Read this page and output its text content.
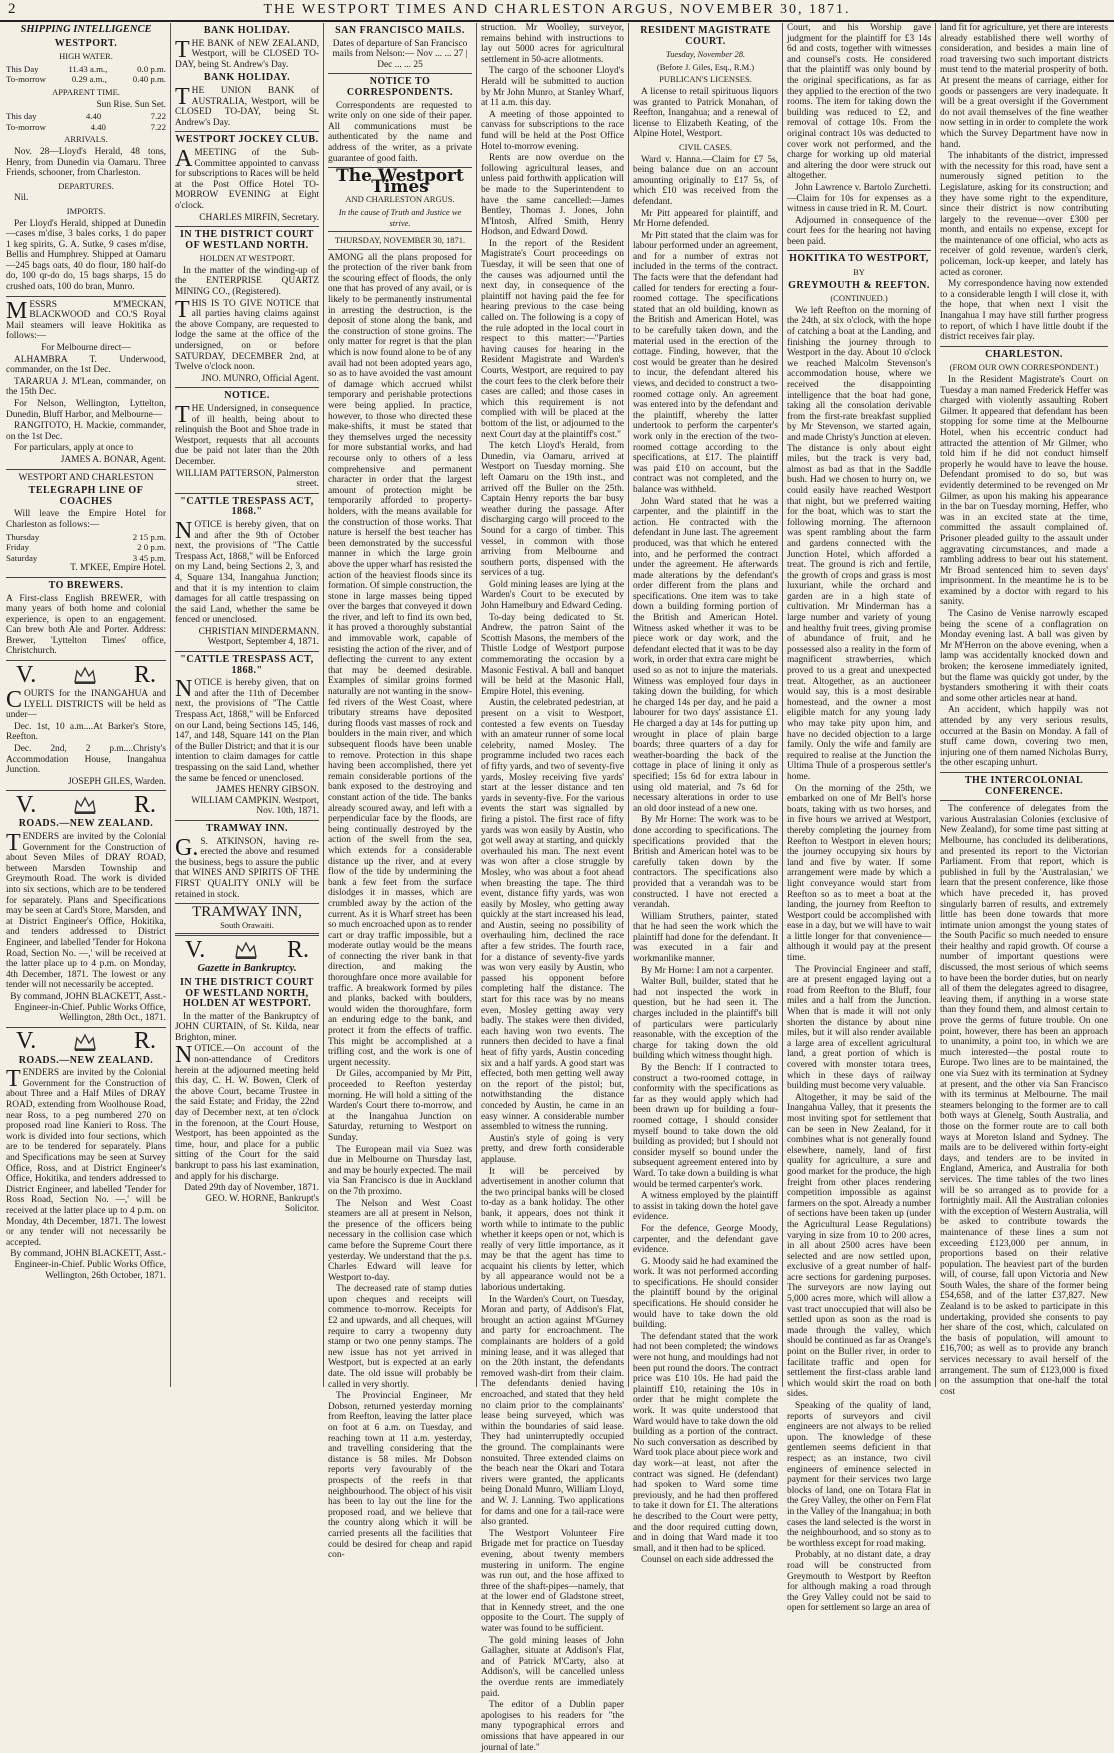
2	THE WESTPORT TIMES AND CHARLESTON ARGUS, NOVEMBER 30, 1871.
SHIPPING INTELLIGENCE
WESTPORT.
HIGH WATER.
This Day	11.43 a.m.,	0.0 p.m.
To-morrow	0.29 a.m.,	0.40 p.m.
APPARENT TIME.

Sun Rise. Sun Set.

This day	4.40	7.22
To-morrow	4.40	7.22
ARRIVALS.

Nov. 28—Lloyd's Herald, 48 tons, Henry, from Dunedin via Oamaru. Three Friends, schooner, from Charleston.

DEPARTURES.

Nil.

IMPORTS.

Per Lloyd's Herald, shipped at Dunedin—cases m'dise, 3 bales corks, 1 do paper 1 keg spirits, G. A. Sutke, 9 cases m'dise, Bellis and Humphrey. Shipped at Oamaru—245 bags oats, 40 do flour, 180 half-do do, 100 qr-do do, 15 bags sharps, 15 do crushed oats, 100 do bran, Munro.

MESSRS M'MECKAN, BLACKWOOD and CO.'S Royal Mail steamers will leave Hokitika as follows:—

For Melbourne direct—

ALHAMBRA T. Underwood, commander, on the 1st Dec.

TARARUA J. M'Lean, commander, on the 15th Dec.

For Nelson, Wellington, Lyttelton, Dunedin, Bluff Harbor, and Melbourne—

RANGITOTO, H. Mackie, commander, on the 1st Dec.

For particulars, apply at once to

JAMES A. BONAR, Agent.

WESTPORT AND CHARLESTON

TELEGRAPH LINE OF COACHES

Will leave the Empire Hotel for Charleston as follows:—

Thursday	2 15 p.m.
Friday	2 0 p.m.
Saturday	3 45 p.m.

T. M'KEE, Empire Hotel.

TO BREWERS.

A First-class English BREWER, with many years of both home and colonial experience, is open to an engagement. Can brew both Ale and Porter. Address: Brewer, 'Lyttelton Times' office, Christchurch.

V.	R.

COURTS for the INANGAHUA and LYELL DISTRICTS will be held as under—

Dec. 1st, 10 a.m....At Barker's Store, Reefton.

Dec. 2nd, 2 p.m....Christy's Accommodation House, Inangahua Junction.

JOSEPH GILES, Warden.

V.	R.
ROADS.—NEW ZEALAND.

TENDERS are invited by the Colonial Government for the Construction of about Seven Miles of DRAY ROAD, between Marsden Township and Greymouth Road. The work is divided into six sections, which are to be tendered for separately. Plans and Specifications may be seen at Card's Store, Marsden, and at District Engineer's Office, Hokitika, and tenders addressed to District Engineer, and labelled 'Tender for Hokona Road, Section No. —,' will be received at the latter place up to 4 p.m. on Monday, 4th December, 1871. The lowest or any tender will not necessarily be accepted.

By command, JOHN BLACKETT, Asst.-Engineer-in-Chief. Public Works Office, Wellington, 28th Oct., 1871.

V.	R.
ROADS.—NEW ZEALAND.

TENDERS are invited by the Colonial Government for the Construction of about Three and a Half Miles of DRAY ROAD, extending from Woolhouse Road, near Ross, to a peg numbered 270 on proposed road line Kanieri to Ross. The work is divided into four sections, which are to be tendered for separately. Plans and Specifications may be seen at Survey Office, Ross, and at District Engineer's Office, Hokitika, and tenders addressed to District Engineer, and labelled 'Tender for Ross Road, Section No. —,' will be received at the latter place up to 4 p.m. on Monday, 4th December, 1871. The lowest or any tender will not necessarily be accepted.

By command, JOHN BLACKETT, Asst.-Engineer-in-Chief. Public Works Office, Wellington, 26th October, 1871.

BANK HOLIDAY.

THE BANK of NEW ZEALAND, Westport, will be CLOSED TO-DAY, being St. Andrew's Day.

BANK HOLIDAY.

THE UNION BANK of AUSTRALIA, Westport, will be CLOSED TO-DAY, being St. Andrew's Day.

WESTPORT JOCKEY CLUB.

AMEETING of the Sub-Committee appointed to canvass for subscriptions to Races will be held at the Post Office Hotel TO-MORROW EVENING at Eight o'clock.

CHARLES MIRFIN, Secretary.

IN THE DISTRICT COURT OF WESTLAND NORTH.
HOLDEN AT WESTPORT.

In the matter of the winding-up of the ENTERPRISE QUARTZ MINING CO., (Registered).

THIS IS TO GIVE NOTICE that all parties having claims against the above Company, are requested to lodge the same at the office of the undersigned, on or before SATURDAY, DECEMBER 2nd, at Twelve o'clock noon.

JNO. MUNRO, Official Agent.

NOTICE.

THE Undersigned, in consequence of ill health, being about to relinquish the Boot and Shoe trade in Westport, requests that all accounts due be paid not later than the 20th December.

WILLIAM PATTERSON, Palmerston street.

"CATTLE TRESPASS ACT, 1868."

NOTICE is hereby given, that on and after the 9th of October next, the provisions of "The Cattle Trespass Act, 1868," will be Enforced on my Land, being Sections 2, 3, and 4, Square 134, Inangahua Junction; and that it is my intention to claim damages for all cattle trespassing on the said Land, whether the same be fenced or unenclosed.

CHRISTIAN MINDERMANN. Westport, September 4, 1871.

"CATTLE TRESPASS ACT, 1868."

NOTICE is hereby given, that on and after the 11th of December next, the provisions of "The Cattle Trespass Act, 1868," will be Enforced on our Land, being Sections 145, 146, 147, and 148, Square 141 on the Plan of the Buller District; and that it is our intention to claim damages for cattle trespassing on the said Land, whether the same be fenced or unenclosed.

JAMES HENRY GIBSON. WILLIAM CAMPKIN. Westport, Nov. 10th, 1871.

TRAMWAY INN.

G.S. ATKINSON, having re-erected the above and resumed the business, begs to assure the public that WINES AND SPIRITS OF THE FIRST QUALITY ONLY will be retained in stock.

TRAMWAY INN,
South Orawaiti.
V.	R.
Gazette in Bankruptcy.
IN THE DISTRICT COURT OF WESTLAND NORTH, HOLDEN AT WESTPORT.

In the matter of the Bankruptcy of JOHN CURTAIN, of St. Kilda, near Brighton, miner.

NOTICE.—On account of the non-attendance of Creditors herein at the adjourned meeting held this day, C. H. W. Bowen, Clerk of the above Court, became Trustee in the said Estate; and Friday, the 22nd day of December next, at ten o'clock in the forenoon, at the Court House, Westport, has been appointed as the time, hour, and place for a public sitting of the Court for the said bankrupt to pass his last examination, and apply for his discharge.

Dated 29th day of November, 1871. GEO. W. HORNE, Bankrupt's Solicitor.

SAN FRANCISCO MAILS.

Dates of departure of San Francisco mails from Nelson:— Nov ... ... 27 | Dec ... ... 25

NOTICE TO CORRESPONDENTS.

Correspondents are requested to write only on one side of their paper. All communications must be authenticated by the name and address of the writer, as a private guarantee of good faith.

The Westport Times
AND CHARLESTON ARGUS.
In the cause of Truth and Justice we strive.
THURSDAY, NOVEMBER 30, 1871.

AMONG all the plans proposed for the protection of the river bank from the scouring effect of floods, the only one that has proved of any avail, or is likely to be permanently instrumental in arresting the destruction, is the deposit of stone along the bank, and the construction of stone groins. The only matter for regret is that the plan which is now found alone to be of any avail had not been adopted years ago, so as to have avoided the vast amount of damage which accrued whilst temporary and perishable protections were being applied. In practice, however, to those who directed these make-shifts, it must be stated that they themselves urged the necessity for more substantial works, and had recourse only to others of a less comprehensive and permanent character in order that the largest amount of protection might be temporarily afforded to property-holders, with the means available for the construction of those works. That nature is herself the best teacher has been demonstrated by the successful manner in which the large groin above the upper wharf has resisted the action of the heaviest floods since its formation. Of simple construction, the stone in large masses being tipped over the barges that conveyed it down the river, and left to find its own bed, it has proved a thoroughly substantial and immovable work, capable of resisting the action of the river, and of deflecting the current to any extent that may be deemed desirable. Examples of similar groins formed naturally are not wanting in the snow-fed rivers of the West Coast, where tributary streams have deposited during floods vast masses of rock and boulders in the main river, and which subsequent floods have been unable to remove. Protection in this shape having been accomplished, there yet remain considerable portions of the bank exposed to the destroying and constant action of the tide. The banks already scoured away, and left with a perpendicular face by the floods, are being continually destroyed by the action of the swell from the sea, which extends for a considerable distance up the river, and at every flow of the tide by undermining the bank a few feet from the surface dislodges it in masses, which are crumbled away by the action of the current. As it is Wharf street has been so much encroached upon as to render cart or dray traffic impossible, but a moderate outlay would be the means of connecting the river bank in that direction, and making the thoroughfare once more available for traffic. A breakwork formed by piles and planks, backed with boulders, would widen the thoroughfare, form an enduring edge to the bank, and protect it from the effects of traffic. This might be accomplished at a trifling cost, and the work is one of urgent necessity.

Dr Giles, accompanied by Mr Pitt, proceeded to Reefton yesterday morning. He will hold a sitting of the Warden's Court there to-morrow, and at the Inangahua Junction on Saturday, returning to Westport on Sunday.

The European mail via Suez was due in Melbourne on Thursday last, and may be hourly expected. The mail via San Francisco is due in Auckland on the 7th proximo.

The Nelson and West Coast steamers are all at present in Nelson, the presence of the officers being necessary in the collision case which came before the Supreme Court there yesterday. We understand that the p.s. Charles Edward will leave for Westport to-day.

The decreased rate of stamp duties upon cheques and receipts will commence to-morrow. Receipts for £2 and upwards, and all cheques, will require to carry a twopenny duty stamp or two one penny stamps. The new issue has not yet arrived in Westport, but is expected at an early date. The old issue will probably be called in very shortly.

The Provincial Engineer, Mr Dobson, returned yesterday morning from Reefton, leaving the latter place on foot at 6 a.m. on Tuesday, and reaching town at 11 a.m. yesterday, and travelling considering that the distance is 58 miles. Mr Dobson reports very favourably of the prospects of the reefs in that neighbourhood. The object of his visit has been to lay out the line for the proposed road, and we believe that the country along which it will be carried presents all the facilities that could be desired for cheap and rapid con-

struction. Mr Woolley, surveyor, remains behind with instructions to lay out 5000 acres for agricultural settlement in 50-acre allotments.

The cargo of the schooner Lloyd's Herald will be submitted to auction by Mr John Munro, at Stanley Wharf, at 11 a.m. this day.

A meeting of those appointed to canvass for subscriptions to the race fund will be held at the Post Office Hotel to-morrow evening.

Rents are now overdue on the following agricultural leases, and unless paid forthwith application will be made to the Superintendent to have the same cancelled:—James Bentley, Thomas J. Jones, John M'Intosh, Alfred Smith, Henry Hodson, and Edward Dowd.

In the report of the Resident Magistrate's Court proceedings on Tuesday, it will be seen that one of the causes was adjourned until the next day, in consequence of the plaintiff not having paid the fee for hearing previous to the case being called on. The following is a copy of the rule adopted in the local court in respect to this matter:—"Parties having causes for hearing in the Resident Magistrate and Warden's Courts, Westport, are required to pay the court fees to the clerk before their cases are called; and those cases in which this requirement is not complied with will be placed at the bottom of the list, or adjourned to the next Court day at the plaintiff's cost."

The ketch Lloyd's Herald, from Dunedin, via Oamaru, arrived at Westport on Tuesday morning. She left Oamaru on the 19th inst., and arrived off the Buller on the 25th. Captain Henry reports the bar busy weather during the passage. After discharging cargo will proceed to the Sound for a cargo of timber. This vessel, in common with those arriving from Melbourne and southern ports, dispensed with the services of a tug.

Gold mining leases are lying at the Warden's Court to be executed by John Hamelbury and Edward Ceding.

To-day being dedicated to St. Andrew, the patron Saint of the Scottish Masons, the members of the Thistle Lodge of Westport purpose commemorating the occasion by a Masonic Festival. A ball and banquet will be held at the Masonic Hall, Empire Hotel, this evening.

Austin, the celebrated pedestrian, at present on a visit to Westport, contested a few events on Tuesday with an amateur runner of some local celebrity, named Mosley. The programme included two races each of fifty yards, and two of seventy-five yards, Mosley receiving five yards' start at the lesser distance and ten yards in seventy-five. For the various events the start was signalled by firing a pistol. The first race of fifty yards was won easily by Austin, who got well away at starting, and quickly overhauled his man. The next event was won after a close struggle by Mosley, who was about a foot ahead when breasting the tape. The third event, distance fifty yards, was won easily by Mosley, who getting away quickly at the start increased his lead, and Austin, seeing no possibility of overhauling him, declined the race after a few strides. The fourth race, for a distance of seventy-five yards was won very easily by Austin, who passed his opponent before completing half the distance. The start for this race was by no means even, Mosley getting away very badly. The stakes were then divided, each having won two events. The runners then decided to have a final heat of fifty yards, Austin conceding six and a half yards. A good start was effected, both men getting well away on the report of the pistol; but, notwithstanding the distance conceded by Austin, he came in an easy winner. A considerable number assembled to witness the running.

Austin's style of going is very pretty, and drew forth considerable applause.

It will be perceived by advertisement in another column that the two principal banks will be closed to-day as a bank holiday. The other bank, it appears, does not think it worth while to intimate to the public whether it keeps open or not, which is really of very little importance, as it may be that the agent has time to acquaint his clients by letter, which by all appearance would not be a laborious undertaking.

In the Warden's Court, on Tuesday, Moran and party, of Addison's Flat, brought an action against M'Gurney and party for encroachment. The complainants are holders of a gold mining lease, and it was alleged that on the 20th instant, the defendants removed wash-dirt from their claim. The defendants denied having encroached, and stated that they held no claim prior to the complainants' lease being surveyed, which was within the boundaries of said lease. They had uninterruptedly occupied the ground. The complainants were nonsuited. Three extended claims on the beach near the Okari and Totara rivers were granted, the applicants being Donald Munro, William Lloyd, and W. J. Lanning. Two applications for dams and one for a tail-race were also granted.

The Westport Volunteer Fire Brigade met for practice on Tuesday evening, about twenty members mustering in uniform. The engine was run out, and the hose affixed to three of the shaft-pipes—namely, that at the lower end of Gladstone street, that in Kennedy street, and the one opposite to the Court. The supply of water was found to be sufficient.

The gold mining leases of John Gallagher, situate at Addison's Flat, and of Patrick M'Carty, also at Addison's, will be cancelled unless the overdue rents are immediately paid.

The editor of a Dublin paper apologises to his readers for "the many typographical errors and omissions that have appeared in our journal of late."

RESIDENT MAGISTRATE COURT.
Tuesday, November 28.
(Before J. Giles, Esq., R.M.)
PUBLICAN'S LICENSES.

A license to retail spirituous liquors was granted to Patrick Monahan, of Reefton, Inangahua; and a renewal of license to Elizabeth Keating, of the Alpine Hotel, Westport.

CIVIL CASES.

Ward v. Hanna.—Claim for £7 5s, being balance due on an account amounting originally to £17 5s, of which £10 was received from the defendant.

Mr Pitt appeared for plaintiff, and Mr Horne defended.

Mr Pitt stated that the claim was for labour performed under an agreement, and for a number of extras not included in the terms of the contract. The facts were that the defendant had called for tenders for erecting a four-roomed cottage. The specifications stated that an old building, known as the British and American Hotel, was to be carefully taken down, and the material used in the erection of the cottage. Finding, however, that the cost would be greater than he desired to incur, the defendant altered his views, and decided to construct a two-roomed cottage only. An agreement was entered into by the defendant and the plaintiff, whereby the latter undertook to perform the carpenter's work only in the erection of the two-roomed cottage according to the specifications, at £17. The plaintiff was paid £10 on account, but the contract was not completed, and the balance was withheld.

John Ward stated that he was a carpenter, and the plaintiff in the action. He contracted with the defendant in June last. The agreement produced, was that which he entered into, and he performed the contract under the agreement. He afterwards made alterations by the defendant's order different from the plans and specifications. One item was to take down a building forming portion of the British and American Hotel. Witness asked whether it was to be piece work or day work, and the defendant elected that it was to be day work, in order that extra care might be used so as not to injure the materials. Witness was employed four days in taking down the building, for which he charged 14s per day, and he paid a labourer for two days' assistance £1. He charged a day at 14s for putting up wrought in place of plain barge boards; three quarters of a day for weather-boarding the back of the cottage in place of lining it only as specified; 15s 6d for extra labour in using old material, and 7s 6d for necessary alterations in order to use an old door instead of a new one.

By Mr Horne: The work was to be done according to specifications. The specifications provided that the British and American hotel was to be carefully taken down by the contractors. The specifications also provided that a verandah was to be constructed. I have not erected a verandah.

William Struthers, painter, stated that he had seen the work which the plaintiff had done for the defendant. It was executed in a fair and workmanlike manner.

By Mr Horne: I am not a carpenter.

Walter Bull, builder, stated that he had not inspected the work in question, but he had seen it. The charges included in the plaintiff's bill of particulars were particularly reasonable, with the exception of the charge for taking down the old building which witness thought high.

By the Bench: If I contracted to construct a two-roomed cottage, in conformity with the specifications as far as they would apply which had been drawn up for building a four-roomed cottage, I should consider myself bound to take down the old building as provided; but I should not consider myself so bound under the subsequent agreement entered into by Ward. To take down a building is what would be termed carpenter's work.

A witness employed by the plaintiff to assist in taking down the hotel gave evidence.

For the defence, George Moody, carpenter, and the defendant gave evidence.

G. Moody said he had examined the work. It was not performed according to specifications. He should consider the plaintiff bound by the original specifications. He should consider he would have to take down the old building.

The defendant stated that the work had not been completed; the windows were not hung, and mouldings had not been put round the doors. The contract price was £10 10s. He had paid the plaintiff £10, retaining the 10s in order that he might complete the work. It was quite understood that Ward would have to take down the old building as a portion of the contract. No such conversation as described by Ward took place about piece work and day work—at least, not after the contract was signed. He (defendant) had spoken to Ward some time previously, and he had then proffered to take it down for £1. The alterations he described to the Court were petty, and the door required cutting down, and in doing that Ward made it too small, and it then had to be spliced.

Counsel on each side addressed the

Court, and his Worship gave judgment for the plaintiff for £3 14s 6d and costs, together with witnesses and counsel's costs. He considered that the plaintiff was only bound by the original specifications, as far as they applied to the erection of the two rooms. The item for taking down the building was reduced to £2, and removal of cottage 10s. From the original contract 10s was deducted to cover work not performed, and the charge for working up old material and altering the door were struck out altogether.

John Lawrence v. Bartolo Zurchetti.—Claim for 10s for expenses as a witness in cause tried in R. M. Court.

Adjourned in consequence of the court fees for the hearing not having been paid.

HOKITIKA TO WESTPORT,
BY
GREYMOUTH & REEFTON.
(CONTINUED.)

We left Reefton on the morning of the 24th, at six o'clock, with the hope of catching a boat at the Landing, and finishing the journey through to Westport in the day. About 10 o'clock we reached Malcolm Stevenson's accommodation house, where we received the disappointing intelligence that the boat had gone, taking all the consolation derivable from the first-rate breakfast supplied by Mr Stevenson, we started again, and made Christy's Junction at eleven. The distance is only about eight miles, but the track is very bad, almost as bad as that in the Saddle bush. Had we chosen to hurry on, we could easily have reached Westport that night, but we preferred waiting for the boat, which was to start the following morning. The afternoon was spent rambling about the farm and gardens connected with the Junction Hotel, which afforded a treat. The ground is rich and fertile, the growth of crops and grass is most luxuriant, while the orchard and garden are in a high state of cultivation. Mr Minderman has a large number and variety of young and healthy fruit trees, giving promise of abundance of fruit, and he possessed also a reality in the form of magnificent strawberries, which proved to us a great and unexpected treat. Altogether, as an auctioneer would say, this is a most desirable homestead, and the owner a most eligible match for any young lady who may take pity upon him, and have no decided objection to a large family. Only the wife and family are required to realise at the Junction the Ultima Thule of a prosperous settler's home.

On the morning of the 25th, we embarked on one of Mr Bell's horse boats, taking with us two horses, and in five hours we arrived at Westport, thereby completing the journey from Reefton to Westport in eleven hours; the journey occupying six hours by land and five by water. If some arrangement were made by which a light conveyance would start from Reefton so as to meet a boat at the landing, the journey from Reefton to Westport could be accomplished with ease in a day, but we will have to wait a little longer for that convenience—although it would pay at the present time.

The Provincial Engineer and staff, are at present engaged laying out a road from Reefton to the Bluff, four miles and a half from the Junction. When that is made it will not only shorten the distance by about nine miles, but it will also render available a large area of excellent agricultural land, a great portion of which is covered with monster totara trees, which in these days of railway building must become very valuable.

Altogether, it may be said of the Inangahua Valley, that it presents the most inviting spot for settlement that can be seen in New Zealand, for it combines what is not generally found elsewhere, namely, land of first quality for agriculture, a sure and good market for the produce, the high freight from other places rendering competition impossible as against farmers on the spot. Already a number of sections have been taken up (under the Agricultural Lease Regulations) varying in size from 10 to 200 acres, in all about 2500 acres have been selected and are now settled upon, exclusive of a great number of half-acre sections for gardening purposes. The surveyors are now laying out 5,000 acres more, which will allow a vast tract unoccupied that will also be settled upon as soon as the road is made through the valley, which should be continued as far as Orange's point on the Buller river, in order to facilitate traffic and open for settlement the first-class arable land which would skirt the road on both sides.

Speaking of the quality of land, reports of surveyors and civil engineers are not always to be relied upon. The knowledge of these gentlemen seems deficient in that respect; as an instance, two civil engineers of eminence selected in payment for their services two large blocks of land, one on Totara Flat in the Grey Valley, the other on Fern Flat in the Valley of the Inangahua; in both cases the land selected is the worst in the neighbourhood, and so stony as to be worthless except for road making.

Probably, at no distant date, a dray road will be constructed from Greymouth to Westport by Reefton for although making a road through the Grey Valley could not be said to open for settlement so large an area of

land fit for agriculture, yet there are interests already established there well worthy of consideration, and besides a main line of road traversing two such important districts must tend to the material prosperity of both. At present the means of carriage, either for goods or passengers are very inadequate. It will be a great oversight if the Government do not avail themselves of the fine weather now setting in in order to complete the work which the Survey Department have now in hand.

The inhabitants of the district, impressed with the necessity for this road, have sent a numerously signed petition to the Legislature, asking for its construction; and they have some right to the expenditure, since their district is now contributing largely to the revenue—over £300 per month, and entails no expense, except for the maintenance of one official, who acts as receiver of gold revenue, warden's clerk, policeman, lock-up keeper, and lately has acted as coroner.

My correspondence having now extended to a considerable length I will close it, with the hope, that when next I visit the Inangahua I may have still further progress to report, of which I have little doubt if the district receives fair play.

CHARLESTON.
(FROM OUR OWN CORRESPONDENT.)

In the Resident Magistrate's Court on Tuesday a man named Frederick Heffer was charged with violently assaulting Robert Gilmer. It appeared that defendant has been stopping for some time at the Melbourne Hotel, when his eccentric conduct had attracted the attention of Mr Gilmer, who told him if he did not conduct himself properly he would have to leave the house. Defendant promised to do so, but was evidently determined to be revenged on Mr Gilmer, as upon his making his appearance in the bar on Tuesday morning, Heffer, who was in an excited state at the time, committed the assault complained of. Prisoner pleaded guilty to the assault under aggravating circumstances, and made a rambling address to bear out his statement. Mr Broad sentenced him to seven days' imprisonment. In the meantime he is to be examined by a doctor with regard to his sanity.

The Casino de Venise narrowly escaped being the scene of a conflagration on Monday evening last. A ball was given by Mr M'Herron on the above evening, when a lamp was accidentally knocked down and broken; the kerosene immediately ignited, but the flame was quickly got under, by the bystanders smothering it with their coats and some other articles near at hand.

An accident, which happily was not attended by any very serious results, occurred at the Basin on Monday. A fall of stuff came down, covering two men, injuring one of them named Nicholas Burry, the other escaping unhurt.

THE INTERCOLONIAL CONFERENCE.

The conference of delegates from the various Australasian Colonies (exclusive of New Zealand), for some time past sitting at Melbourne, has concluded its deliberations, and presented its report to the Victorian Parliament. From that report, which is published in full by the 'Australasian,' we learn that the present conference, like those which have preceded it, has proved singularly barren of results, and extremely little has been done towards that more intimate union amongst the young states of the South Pacific so much needed to ensure their healthy and rapid growth. Of course a number of important questions were discussed, the most serious of which seems to have been the border duties, but on nearly all of them the delegates agreed to disagree, leaving them, if anything in a worse state than they found them, and almost certain to prove the germs of future trouble. On one point, however, there has been an approach to unanimity, a point too, in which we are much interested—the postal route to Europe. Two lines are to be maintained, the one via Suez with its termination at Sydney at present, and the other via San Francisco with its terminus at Melbourne. The mail steamers belonging to the former are to call both ways at Glenelg, South Australia, and those on the former route are to call both ways at Moreton Island and Sydney. The mails are to be delivered within forty-eight days, and tenders are to be invited in England, America, and Australia for both services. The time tables of the two lines will be so arranged as to provide for a fortnightly mail. All the Australian colonies with the exception of Western Australia, will be asked to contribute towards the maintenance of these lines a sum not exceeding £123,000 per annum, in proportions based on their relative population. The heaviest part of the burden will, of course, fall upon Victoria and New South Wales, the share of the former being £54,658, and of the latter £37,827. New Zealand is to be asked to participate in this undertaking, provided she consents to pay her share of the cost, which, calculated on the basis of population, will amount to £16,700; as well as to provide any branch services necessary to avail herself of the arrangement. The sum of £123,000 is fixed on the assumption that one-half the total cost
